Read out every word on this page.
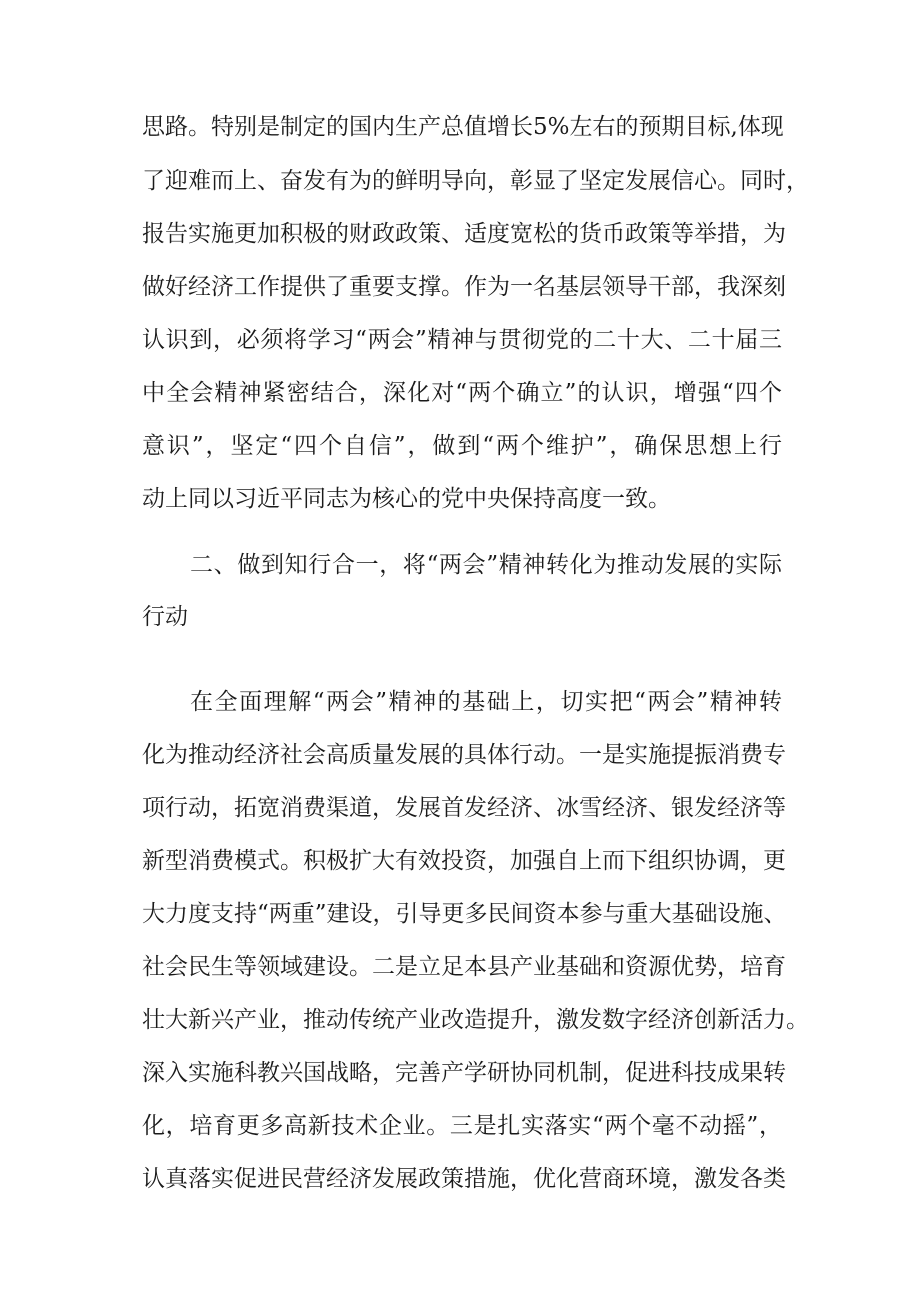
思路。特别是制定的国内生产总值增长5%左右的预期目标,体现
了迎难而上、奋发有为的鲜明导向，彰显了坚定发展信心。同时，
报告实施更加积极的财政政策、适度宽松的货币政策等举措，为
做好经济工作提供了重要支撑。作为一名基层领导干部，我深刻
认识到，必须将学习“两会”精神与贯彻党的二十大、二十届三
中全会精神紧密结合，深化对“两个确立”的认识，增强“四个
意识”，坚定“四个自信”，做到“两个维护”，确保思想上行
动上同以习近平同志为核心的党中央保持高度一致。
二、做到知行合一，将“两会”精神转化为推动发展的实际
行动
在全面理解“两会”精神的基础上，切实把“两会”精神转
化为推动经济社会高质量发展的具体行动。一是实施提振消费专
项行动，拓宽消费渠道，发展首发经济、冰雪经济、银发经济等
新型消费模式。积极扩大有效投资，加强自上而下组织协调，更
大力度支持“两重”建设，引导更多民间资本参与重大基础设施、
社会民生等领域建设。二是立足本县产业基础和资源优势，培育
壮大新兴产业，推动传统产业改造提升，激发数字经济创新活力。
深入实施科教兴国战略，完善产学研协同机制，促进科技成果转
化，培育更多高新技术企业。三是扎实落实“两个毫不动摇”，
认真落实促进民营经济发展政策措施，优化营商环境，激发各类
